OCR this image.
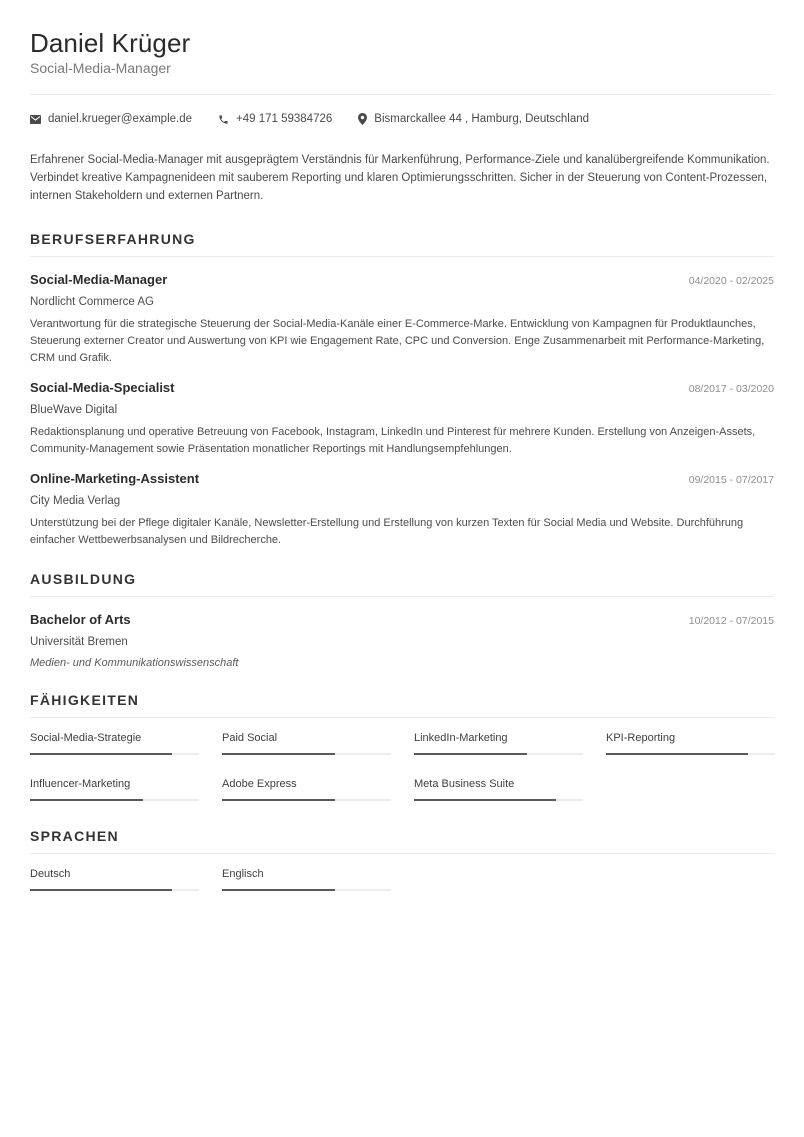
Daniel Krüger
Social-Media-Manager
daniel.krueger@example.de	+49 171 59384726	Bismarckallee 44 , Hamburg, Deutschland
Erfahrener Social-Media-Manager mit ausgeprägtem Verständnis für Markenführung, Performance-Ziele und kanalübergreifende Kommunikation. Verbindet kreative Kampagnenideen mit sauberem Reporting und klaren Optimierungsschritten. Sicher in der Steuerung von Content-Prozessen, internen Stakeholdern und externen Partnern.
BERUFSERFAHRUNG
Social-Media-Manager	04/2020 - 02/2025
Nordlicht Commerce AG
Verantwortung für die strategische Steuerung der Social-Media-Kanäle einer E-Commerce-Marke. Entwicklung von Kampagnen für Produktlaunches, Steuerung externer Creator und Auswertung von KPI wie Engagement Rate, CPC und Conversion. Enge Zusammenarbeit mit Performance-Marketing, CRM und Grafik.
Social-Media-Specialist	08/2017 - 03/2020
BlueWave Digital
Redaktionsplanung und operative Betreuung von Facebook, Instagram, LinkedIn und Pinterest für mehrere Kunden. Erstellung von Anzeigen-Assets, Community-Management sowie Präsentation monatlicher Reportings mit Handlungsempfehlungen.
Online-Marketing-Assistent	09/2015 - 07/2017
City Media Verlag
Unterstützung bei der Pflege digitaler Kanäle, Newsletter-Erstellung und Erstellung von kurzen Texten für Social Media und Website. Durchführung einfacher Wettbewerbsanalysen und Bildrecherche.
AUSBILDUNG
Bachelor of Arts	10/2012 - 07/2015
Universität Bremen
Medien- und Kommunikationswissenschaft
FÄHIGKEITEN
Social-Media-Strategie	Paid Social	LinkedIn-Marketing	KPI-Reporting
Influencer-Marketing	Adobe Express	Meta Business Suite
SPRACHEN
Deutsch	Englisch
